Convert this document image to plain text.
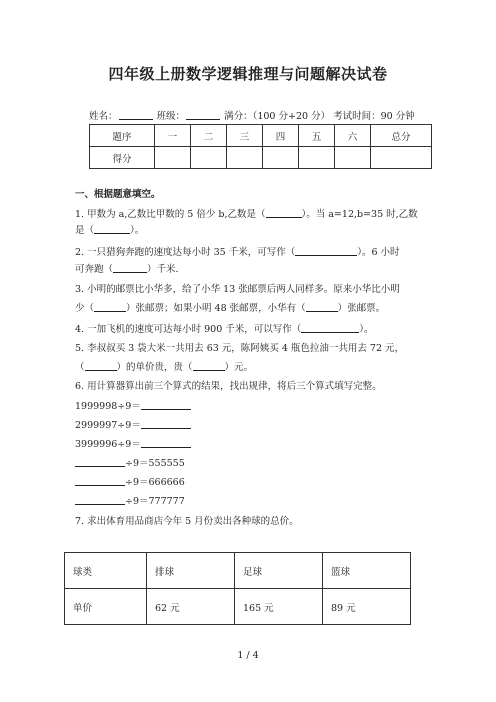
四年级上册数学逻辑推理与问题解决试卷
姓名：	班级：	满分：（100 分+20 分） 考试时间：90 分钟
题序	一	二	三	四	五	六	总分
得分							
一、根据题意填空。
1. 甲数为 a,乙数比甲数的 5 倍少 b,乙数是（	）。当 a=12,b=35 时,乙数
是（	）。
2. 一只猎狗奔跑的速度达每小时 35 千米，可写作（	）。6 小时
可奔跑（	）千米.
3. 小明的邮票比小华多，给了小华 13 张邮票后两人同样多。原来小华比小明
少（	）张邮票；如果小明 48 张邮票，小华有（	）张邮票。
4. 一加飞机的速度可达每小时 900 千米，可以写作（	）。
5. 李叔叔买 3 袋大米一共用去 63 元，陈阿姨买 4 瓶色拉油一共用去 72 元，
（	）的单价贵，贵（	）元。
6. 用计算器算出前三个算式的结果，找出规律，将后三个算式填写完整。
1999998÷9＝
2999997÷9＝
3999996÷9＝
÷9＝555555
÷9＝666666
÷9＝777777
7. 求出体育用品商店今年 5 月份卖出各种球的总价。
球类	排球	足球	篮球
单价	62 元	165 元	89 元
1 / 4
